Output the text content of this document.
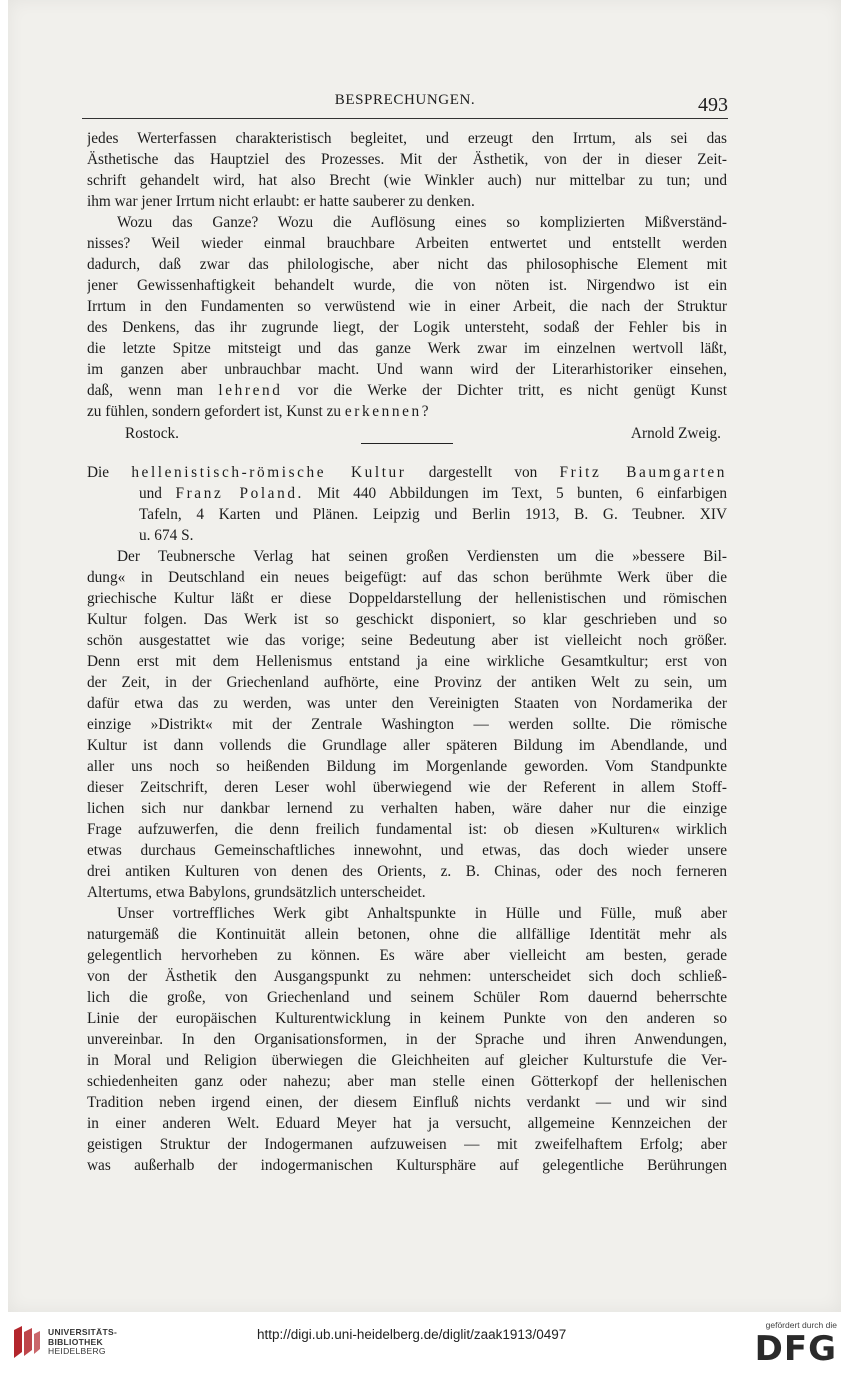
BESPRECHUNGEN.	493
jedes Werterfassen charakteristisch begleitet, und erzeugt den Irrtum, als sei das
Ästhetische das Hauptziel des Prozesses. Mit der Ästhetik, von der in dieser Zeit-
schrift gehandelt wird, hat also Brecht (wie Winkler auch) nur mittelbar zu tun; und
ihm war jener Irrtum nicht erlaubt: er hatte sauberer zu denken.
Wozu das Ganze? Wozu die Auflösung eines so komplizierten Mißverständ-
nisses? Weil wieder einmal brauchbare Arbeiten entwertet und entstellt werden
dadurch, daß zwar das philologische, aber nicht das philosophische Element mit
jener Gewissenhaftigkeit behandelt wurde, die von nöten ist. Nirgendwo ist ein
Irrtum in den Fundamenten so verwüstend wie in einer Arbeit, die nach der Struktur
des Denkens, das ihr zugrunde liegt, der Logik untersteht, sodaß der Fehler bis in
die letzte Spitze mitsteigt und das ganze Werk zwar im einzelnen wertvoll läßt,
im ganzen aber unbrauchbar macht. Und wann wird der Literarhistoriker einsehen,
daß, wenn man lehrend vor die Werke der Dichter tritt, es nicht genügt Kunst
zu fühlen, sondern gefordert ist, Kunst zu erkennen?
Rostock.	Arnold Zweig.
Die hellenistisch-römische Kultur dargestellt von Fritz Baumgarten
und Franz Poland. Mit 440 Abbildungen im Text, 5 bunten, 6 einfarbigen
Tafeln, 4 Karten und Plänen. Leipzig und Berlin 1913, B. G. Teubner. XIV
u. 674 S.
Der Teubnersche Verlag hat seinen großen Verdiensten um die »bessere Bil-
dung« in Deutschland ein neues beigefügt: auf das schon berühmte Werk über die
griechische Kultur läßt er diese Doppeldarstellung der hellenistischen und römischen
Kultur folgen. Das Werk ist so geschickt disponiert, so klar geschrieben und so
schön ausgestattet wie das vorige; seine Bedeutung aber ist vielleicht noch größer.
Denn erst mit dem Hellenismus entstand ja eine wirkliche Gesamtkultur; erst von
der Zeit, in der Griechenland aufhörte, eine Provinz der antiken Welt zu sein, um
dafür etwa das zu werden, was unter den Vereinigten Staaten von Nordamerika der
einzige »Distrikt« mit der Zentrale Washington — werden sollte. Die römische
Kultur ist dann vollends die Grundlage aller späteren Bildung im Abendlande, und
aller uns noch so heißenden Bildung im Morgenlande geworden. Vom Standpunkte
dieser Zeitschrift, deren Leser wohl überwiegend wie der Referent in allem Stoff-
lichen sich nur dankbar lernend zu verhalten haben, wäre daher nur die einzige
Frage aufzuwerfen, die denn freilich fundamental ist: ob diesen »Kulturen« wirklich
etwas durchaus Gemeinschaftliches innewohnt, und etwas, das doch wieder unsere
drei antiken Kulturen von denen des Orients, z. B. Chinas, oder des noch ferneren
Altertums, etwa Babylons, grundsätzlich unterscheidet.
Unser vortreffliches Werk gibt Anhaltspunkte in Hülle und Fülle, muß aber
naturgemäß die Kontinuität allein betonen, ohne die allfällige Identität mehr als
gelegentlich hervorheben zu können. Es wäre aber vielleicht am besten, gerade
von der Ästhetik den Ausgangspunkt zu nehmen: unterscheidet sich doch schließ-
lich die große, von Griechenland und seinem Schüler Rom dauernd beherrschte
Linie der europäischen Kulturentwicklung in keinem Punkte von den anderen so
unvereinbar. In den Organisationsformen, in der Sprache und ihren Anwendungen,
in Moral und Religion überwiegen die Gleichheiten auf gleicher Kulturstufe die Ver-
schiedenheiten ganz oder nahezu; aber man stelle einen Götterkopf der hellenischen
Tradition neben irgend einen, der diesem Einfluß nichts verdankt — und wir sind
in einer anderen Welt. Eduard Meyer hat ja versucht, allgemeine Kennzeichen der
geistigen Struktur der Indogermanen aufzuweisen — mit zweifelhaftem Erfolg; aber
was außerhalb der indogermanischen Kultursphäre auf gelegentliche Berührungen
UNIVERSITÄTS-
BIBLIOTHEK
HEIDELBERG
http://digi.ub.uni-heidelberg.de/diglit/zaak1913/0497
gefördert durch die
DFG
